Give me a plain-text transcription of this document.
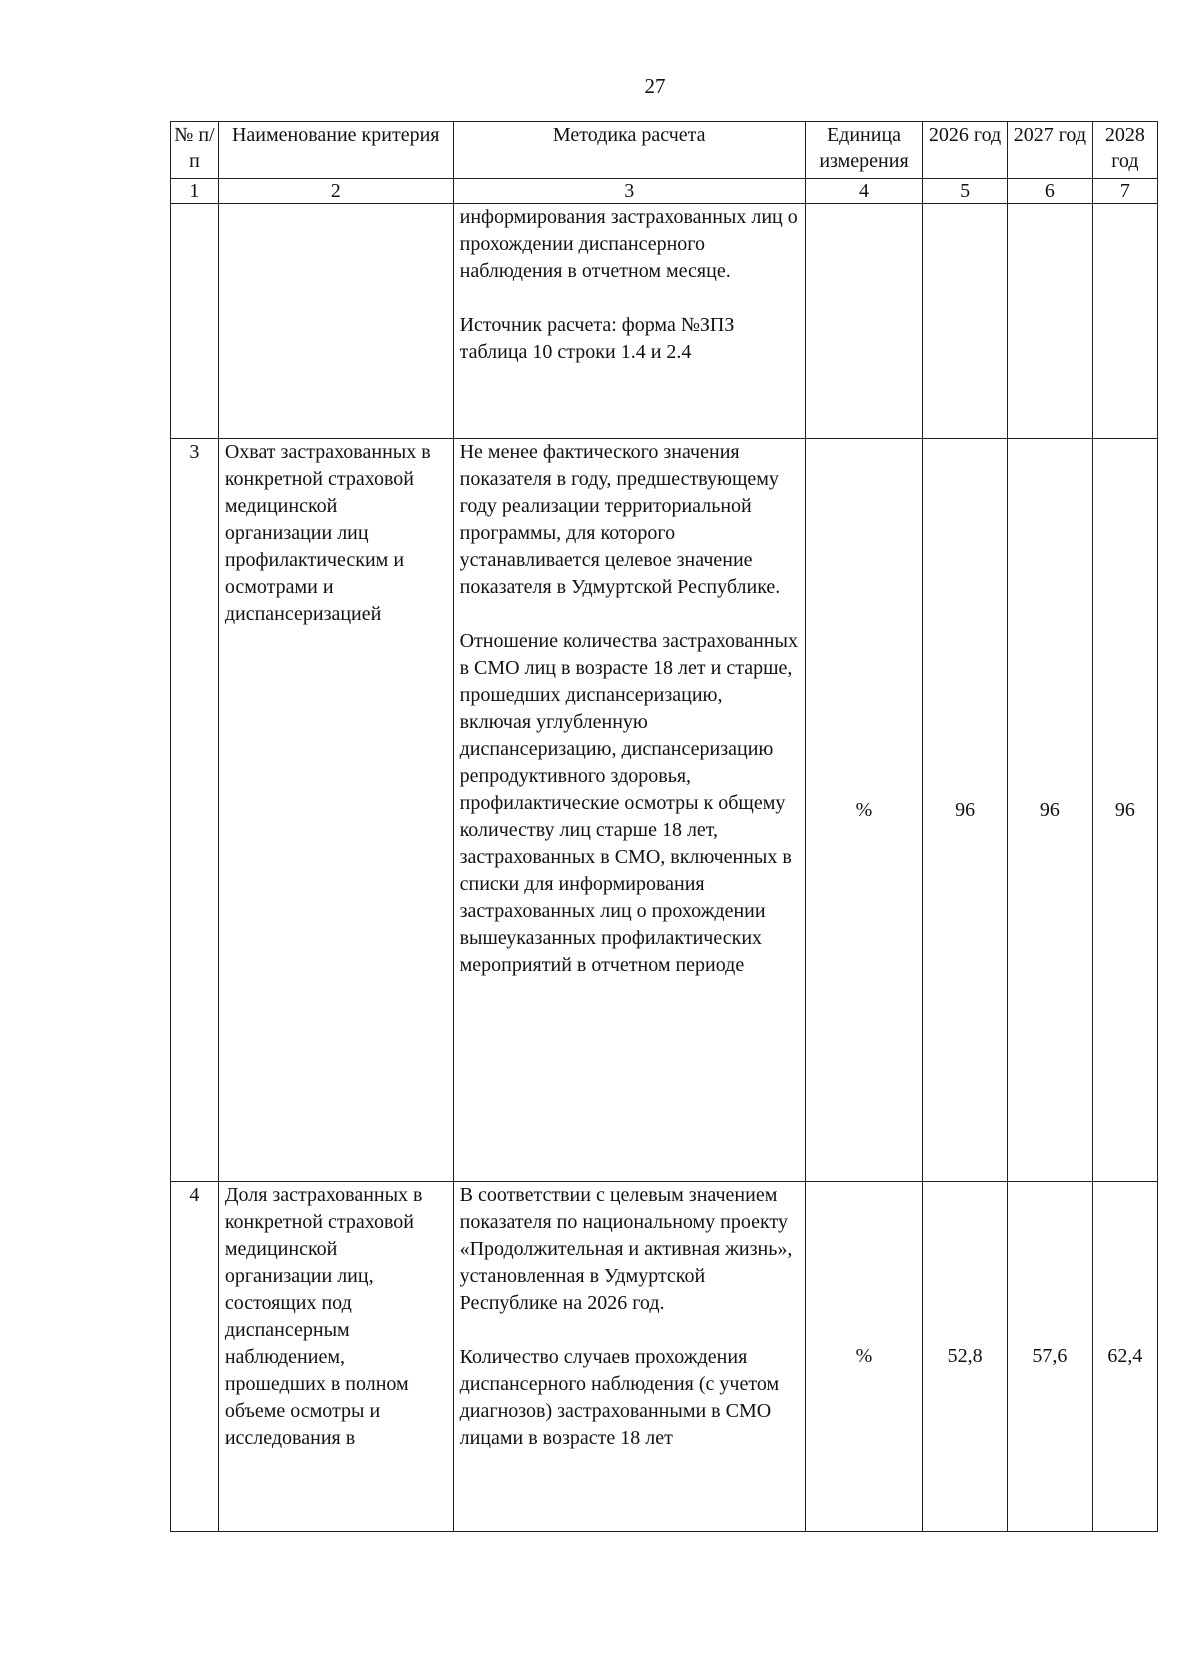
27
№ п/п	Наименование критерия	Методика расчета	Единица измерения	2026 год	2027 год	2028 год
1	2	3	4	5	6	7

		информирования застрахованных лиц о прохождении диспансерного наблюдения в отчетном месяце.

Источник расчета: форма №ЗПЗ таблица 10 строки 1.4 и 2.4				

3	Охват застрахованных в конкретной страховой медицинской организации лиц профилактическим и осмотрами и диспансеризацией	Не менее фактического значения показателя в году, предшествующему году реализации территориальной программы, для которого устанавливается целевое значение показателя в Удмуртской Республике.

Отношение количества застрахованных в СМО лиц в возрасте 18 лет и старше, прошедших диспансеризацию, включая углубленную диспансеризацию, диспансеризацию репродуктивного здоровья, профилактические осмотры к общему количеству лиц старше 18 лет, застрахованных в СМО, включенных в списки для информирования застрахованных лиц о прохождении вышеуказанных профилактических мероприятий в отчетном периоде	%	96	96	96
4	Доля застрахованных в конкретной страховой медицинской организации лиц, состоящих под диспансерным наблюдением, прошедших в полном объеме осмотры и исследования в	В соответствии с целевым значением показателя по национальному проекту «Продолжительная и активная жизнь», установленная в Удмуртской Республике на 2026 год.

Количество случаев прохождения диспансерного наблюдения (с учетом диагнозов) застрахованными в СМО лицами в возрасте 18 лет	%	52,8	57,6	62,4
